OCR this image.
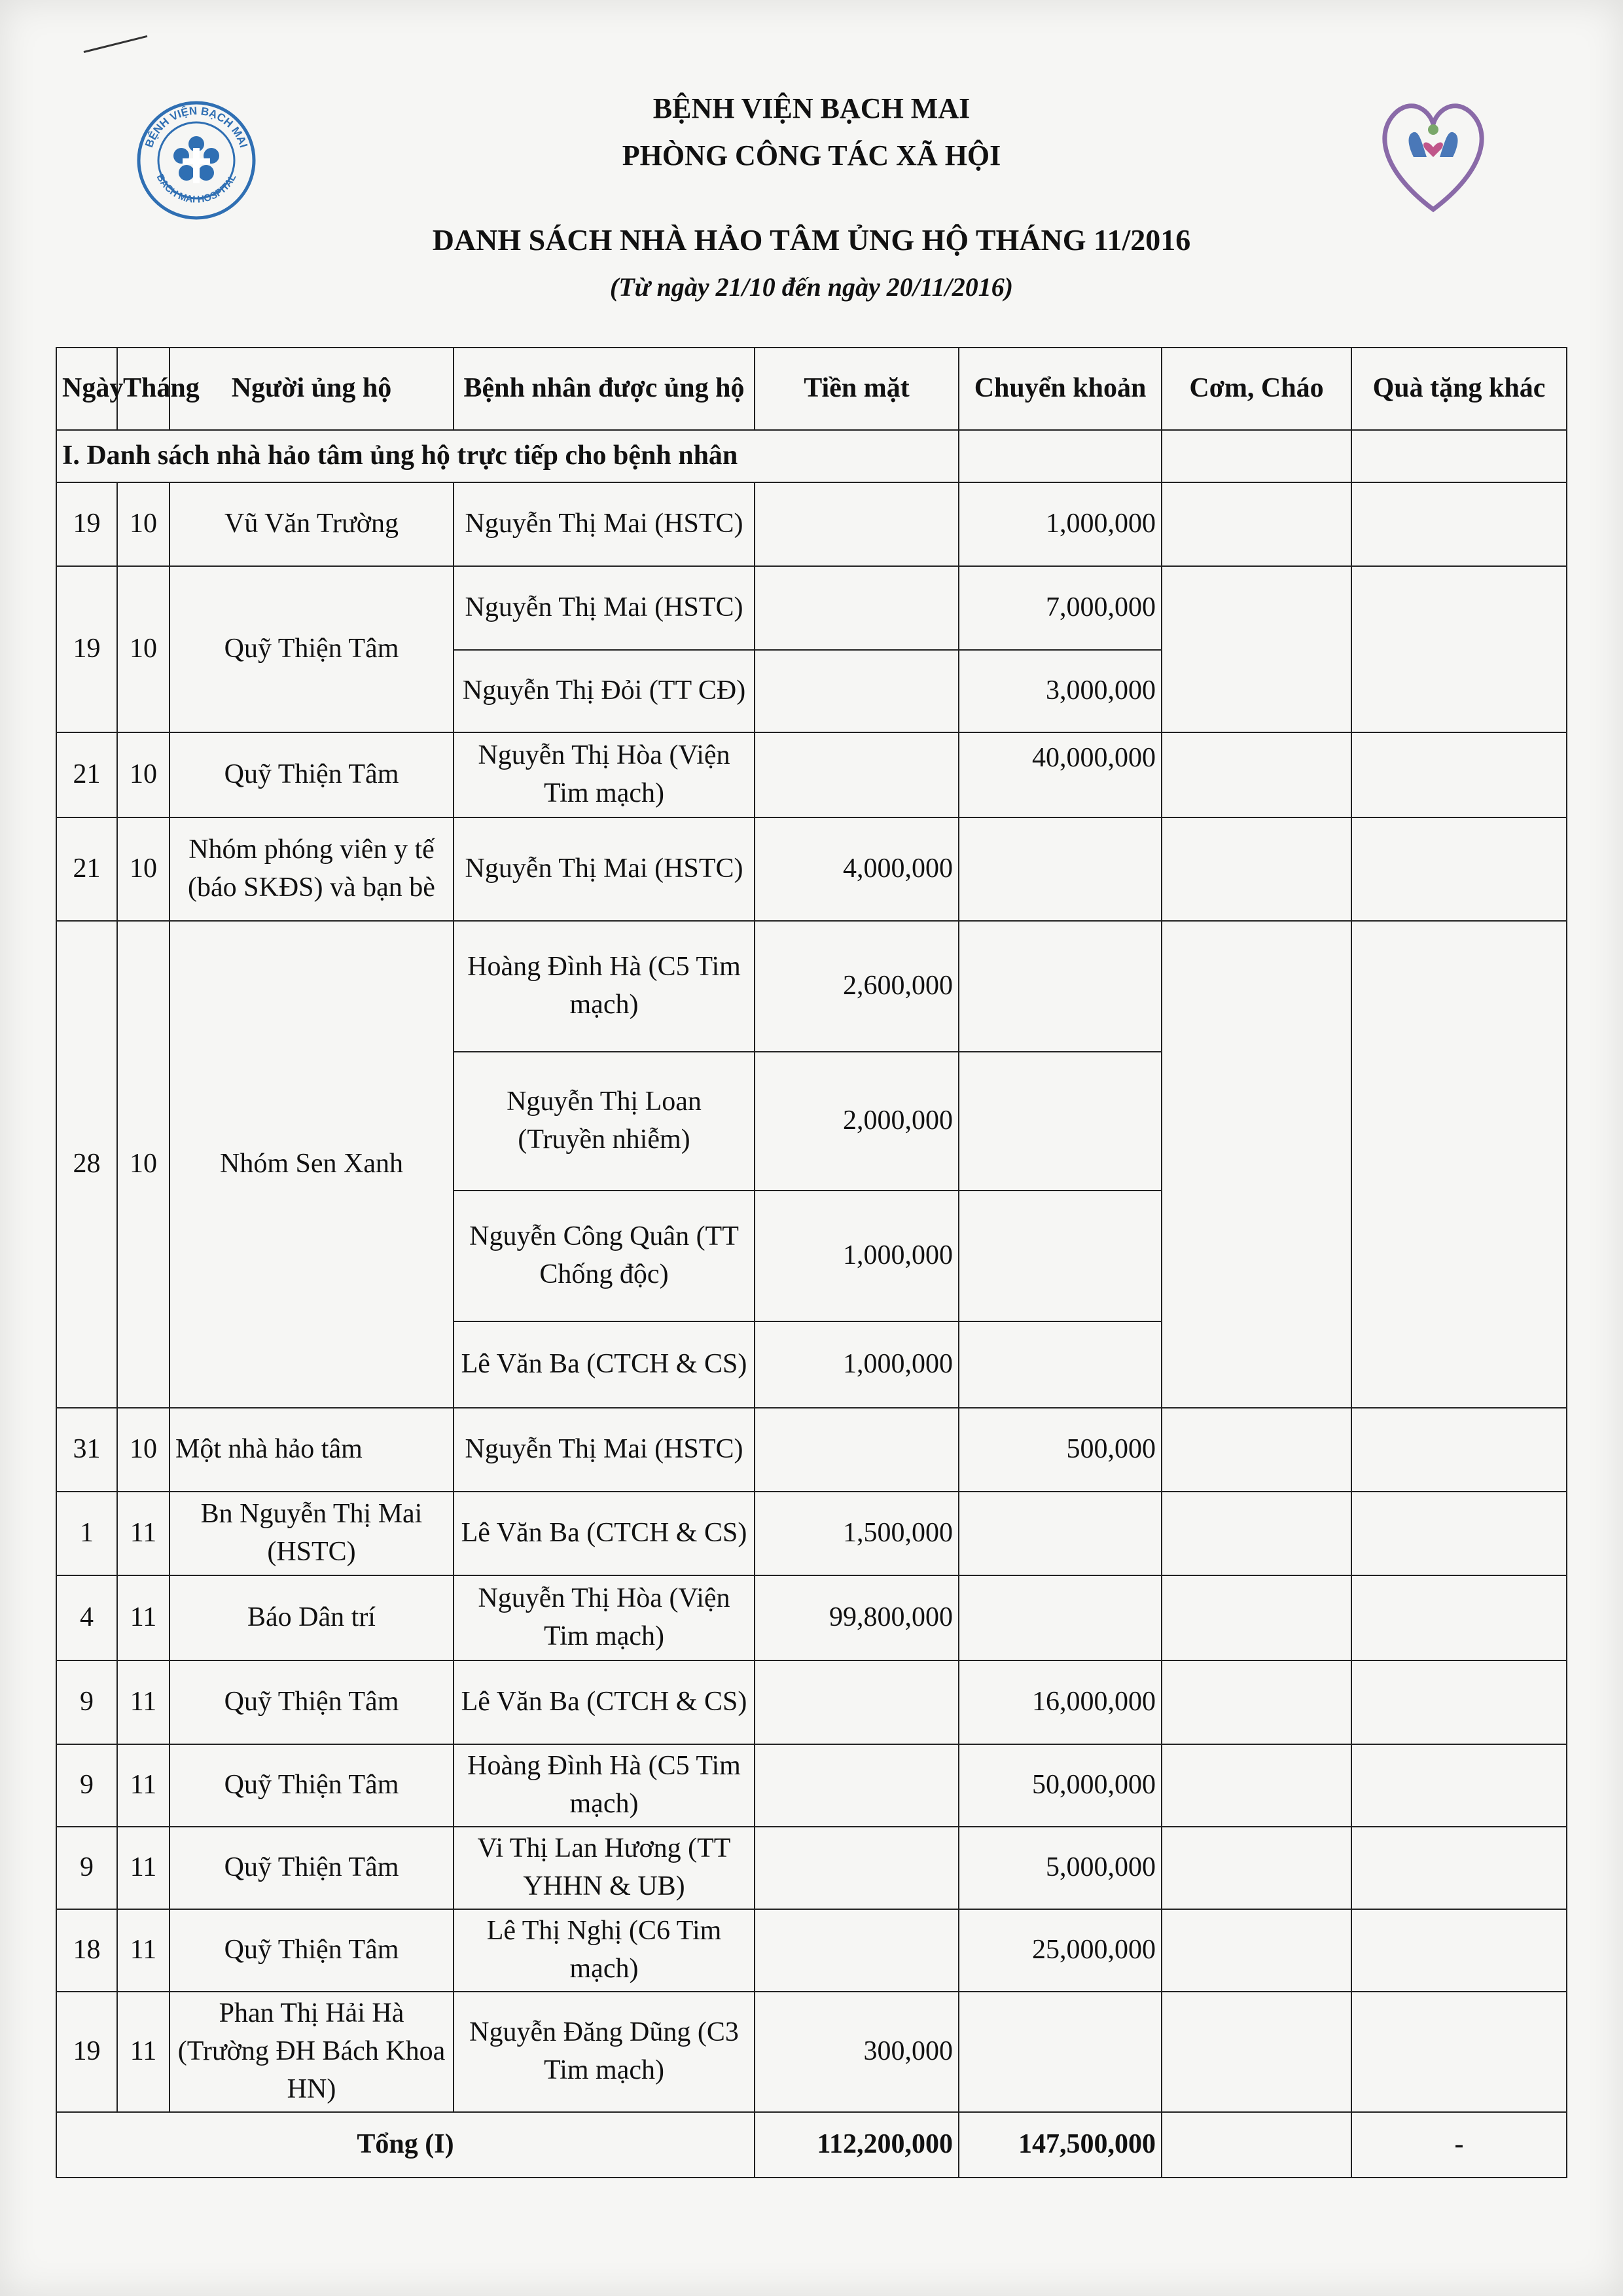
BỆNH VIỆN BẠCH MAI
BACH MAI HOSPITAL
BỆNH VIỆN BẠCH MAI
PHÒNG CÔNG TÁC XÃ HỘI
DANH SÁCH NHÀ HẢO TÂM ỦNG HỘ THÁNG 11/2016
(Từ ngày 21/10 đến ngày 20/11/2016)
Ngày	Tháng	Người ủng hộ	Bệnh nhân được ủng hộ	Tiền mặt	Chuyển khoản	Cơm, Cháo	Quà tặng khác
I. Danh sách nhà hảo tâm ủng hộ trực tiếp cho bệnh nhân							
19	10	Vũ Văn Trường	Nguyễn Thị Mai (HSTC)		1,000,000		
19	10	Quỹ Thiện Tâm	Nguyễn Thị Mai (HSTC)		7,000,000		
			Nguyễn Thị Đỏi (TT CĐ)		3,000,000		
21	10	Quỹ Thiện Tâm	Nguyễn Thị Hòa (Viện Tim mạch)		40,000,000		
21	10	Nhóm phóng viên y tế (báo SKĐS) và bạn bè	Nguyễn Thị Mai (HSTC)	4,000,000			
28	10	Nhóm Sen Xanh	Hoàng Đình Hà (C5 Tim mạch)	2,600,000			
			Nguyễn Thị Loan (Truyền nhiễm)	2,000,000			
			Nguyễn Công Quân (TT Chống độc)	1,000,000			
			Lê Văn Ba (CTCH & CS)	1,000,000			
31	10	Một nhà hảo tâm	Nguyễn Thị Mai (HSTC)		500,000		
1	11	Bn Nguyễn Thị Mai (HSTC)	Lê Văn Ba (CTCH & CS)	1,500,000			
4	11	Báo Dân trí	Nguyễn Thị Hòa (Viện Tim mạch)	99,800,000			
9	11	Quỹ Thiện Tâm	Lê Văn Ba (CTCH & CS)		16,000,000		
9	11	Quỹ Thiện Tâm	Hoàng Đình Hà (C5 Tim mạch)		50,000,000		
9	11	Quỹ Thiện Tâm	Vi Thị Lan Hương (TT YHHN & UB)		5,000,000		
18	11	Quỹ Thiện Tâm	Lê Thị Nghị (C6 Tim mạch)		25,000,000		
19	11	Phan Thị Hải Hà (Trường ĐH Bách Khoa HN)	Nguyễn Đăng Dũng (C3 Tim mạch)	300,000			
Tổng (I)				112,200,000	147,500,000		-
